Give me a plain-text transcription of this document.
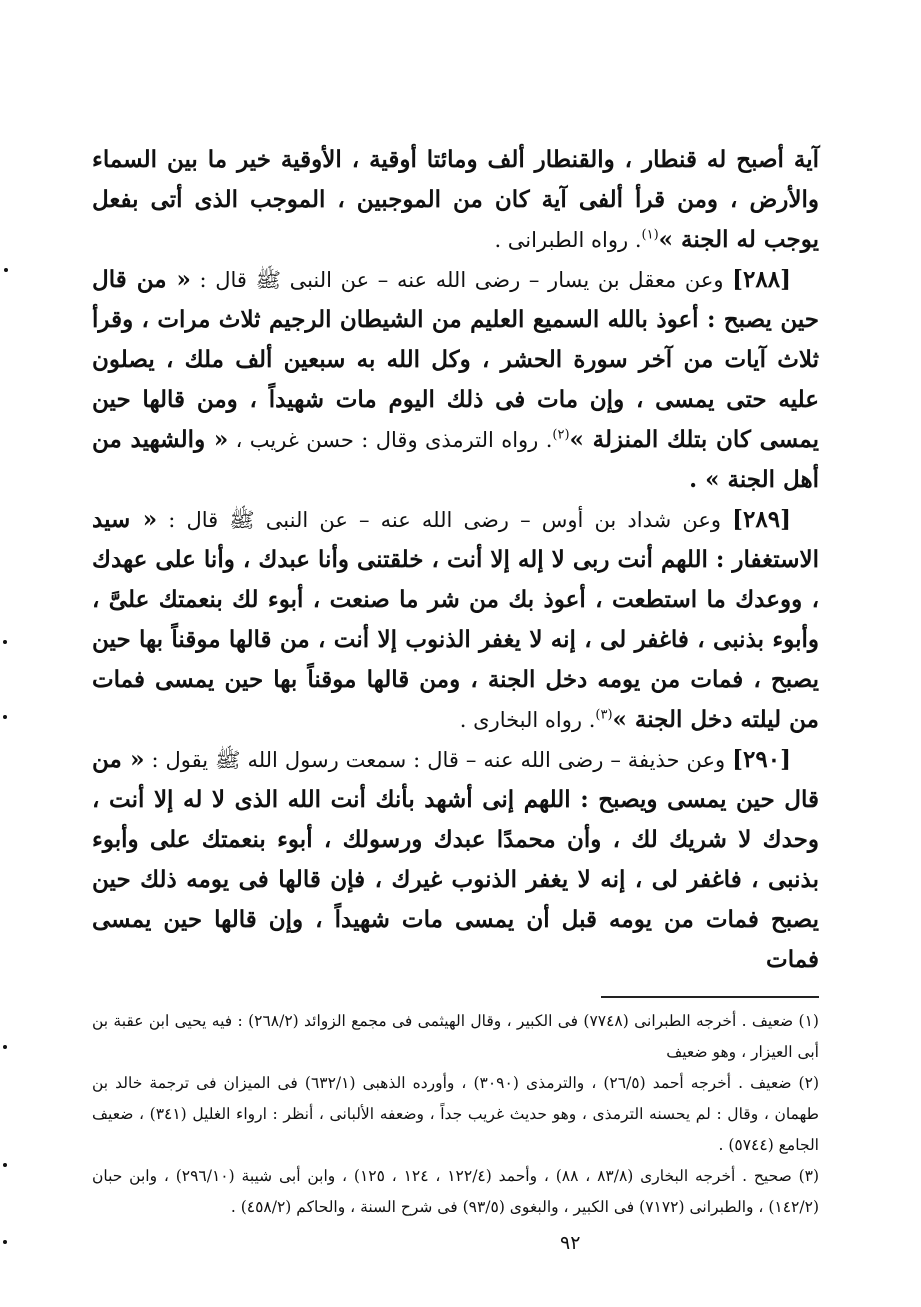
آية أصبح له قنطار ، والقنطار ألف ومائتا أوقية ، الأوقية خير ما بين السماء والأرض ، ومن قرأ ألفى آية كان من الموجبين ، الموجب الذى أتى بفعل يوجب له الجنة »$^{(١)}$. رواه الطبرانى .

[٢٨٨] وعن معقل بن يسار – رضى الله عنه – عن النبى ﷺ قال : « من قال حين يصبح : أعوذ بالله السميع العليم من الشيطان الرجيم ثلاث مرات ، وقرأ ثلاث آيات من آخر سورة الحشر ، وكل الله به سبعين ألف ملك ، يصلون عليه حتى يمسى ، وإن مات فى ذلك اليوم مات شهيداً ، ومن قالها حين يمسى كان بتلك المنزلة »$^{(٢)}$. رواه الترمذى وقال : حسن غريب ، « والشهيد من أهل الجنة » .

[٢٨٩] وعن شداد بن أوس – رضى الله عنه – عن النبى ﷺ قال : « سيد الاستغفار : اللهم أنت ربى لا إله إلا أنت ، خلقتنى وأنا عبدك ، وأنا على عهدك ، ووعدك ما استطعت ، أعوذ بك من شر ما صنعت ، أبوء لك بنعمتك علىَّ ، وأبوء بذنبى ، فاغفر لى ، إنه لا يغفر الذنوب إلا أنت ، من قالها موقناً بها حين يصبح ، فمات من يومه دخل الجنة ، ومن قالها موقناً بها حين يمسى فمات من ليلته دخل الجنة »$^{(٣)}$. رواه البخارى .

[٢٩٠] وعن حذيفة – رضى الله عنه – قال : سمعت رسول الله ﷺ يقول : « من قال حين يمسى ويصبح : اللهم إنى أشهد بأنك أنت الله الذى لا له إلا أنت ، وحدك لا شريك لك ، وأن محمدًا عبدك ورسولك ، أبوء بنعمتك على وأبوء بذنبى ، فاغفر لى ، إنه لا يغفر الذنوب غيرك ، فإن قالها فى يومه ذلك حين يصبح فمات من يومه قبل أن يمسى مات شهيداً ، وإن قالها حين يمسى فمات

(١) ضعيف . أخرجه الطبرانى (٧٧٤٨) فى الكبير ، وقال الهيثمى فى مجمع الزوائد (٢٦٨/٢) : فيه يحيى ابن عقبة بن أبى العيزار ، وهو ضعيف

(٢) ضعيف . أخرجه أحمد (٢٦/٥) ، والترمذى (٣٠٩٠) ، وأورده الذهبى (٦٣٢/١) فى الميزان فى ترجمة خالد بن طهمان ، وقال : لم يحسنه الترمذى ، وهو حديث غريب جداً ، وضعفه الألبانى ، أنظر : ارواء الغليل (٣٤١) ، ضعيف الجامع (٥٧٤٤) .

(٣) صحيح . أخرجه البخارى (٨٣/٨ ، ٨٨) ، وأحمد (١٢٢/٤ ، ١٢٤ ، ١٢٥) ، وابن أبى شيبة (٢٩٦/١٠) ، وابن حبان (١٤٢/٢) ، والطبرانى (٧١٧٢) فى الكبير ، والبغوى (٩٣/٥) فى شرح السنة ، والحاكم (٤٥٨/٢) .

٩٢
